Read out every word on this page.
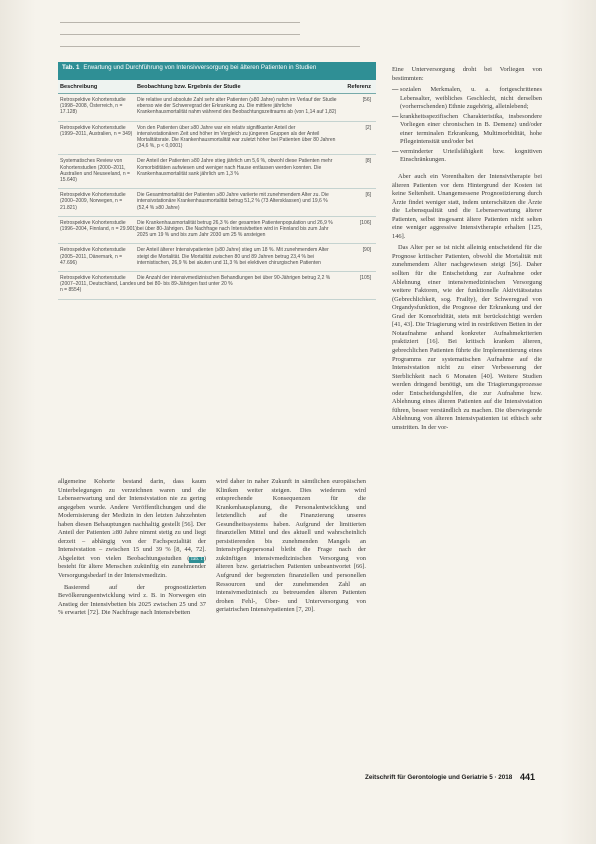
Tab. 1 Erwartung und Durchführung von Intensivversorgung bei älteren Patienten in Studien
Beschreibung	Beobachtung bzw. Ergebnis der Studie	Referenz
Retrospektive Kohortenstudie (1998–2008, Österreich, n = 17.128)
Die relative und absolute Zahl sehr alter Patienten (≥80 Jahre) nahm im Verlauf der Studie ebenso wie der Schweregrad der Erkrankung zu. Die mittlere jährliche Krankenhausmortalität nahm während des Beobachtungszeitraums ab (von 1,14 auf 1,82)
[56]
Retrospektive Kohortenstudie (1999–2011, Australien, n = 349)
Von den Patienten über ≥80 Jahre war ein relativ signifikanter Anteil der intensivstationären Zeit und höher im Vergleich zu jüngeren Gruppen als der Anteil Mortalitätsrate. Die Krankenhausmortalität war zuletzt höher bei Patienten über 80 Jahren (34,6 %, p < 0,0001)
[2]
Systematisches Review von Kohortenstudien (2000–2011, Australien und Neuseeland, n = 15.640)
Der Anteil der Patienten ≥80 Jahre stieg jährlich um 5,6 %, obwohl diese Patienten mehr Komorbiditäten aufwiesen und weniger nach Hause entlassen werden konnten. Die Krankenhausmortalität sank jährlich um 1,3 %
[8]
Retrospektive Kohortenstudie (2000–2009, Norwegen, n = 21.821)
Die Gesamtmortalität der Patienten ≥80 Jahre variierte mit zunehmendem Alter zu. Die intensivstationäre Krankenhausmortalität betrug 51,2 % (73 Altersklassen) und 19,6 % (52,4 % ≥80 Jahre)
[6]
Retrospektive Kohortenstudie (1996–2004, Finnland, n = 29.901)
Die Krankenhausmortalität betrug 26,3 % der gesamten Patientenpopulation und 26,9 % bei über 80-Jährigen. Die Nachfrage nach Intensivbetten wird in Finnland bis zum Jahr 2025 um 19 % und bis zum Jahr 2030 um 25 % ansteigen
[106]
Retrospektive Kohortenstudie (2005–2011, Dänemark, n = 47.696)
Der Anteil älterer Intensivpatienten (≥80 Jahre) stieg um 18 %. Mit zunehmendem Alter steigt die Mortalität. Die Mortalität zwischen 80 und 89 Jahren betrug 23,4 % bei internistischen, 26,9 % bei akuten und 11,3 % bei elektiven chirurgischen Patienten
[90]
Retrospektive Kohortenstudie (2007–2011, Deutschland, Landes n = 8554)
Die Anzahl der intensivmedizinischen Behandlungen bei über 90-Jährigen betrug 2,2 % und bei 80- bis 89-Jährigen fast unter 20 %
[105]

allgemeine Kohorte bestand darin, dass kaum Unterbelegungen zu verzeichnen waren und die Lebenserwartung und der Intensivstation nie zu gering angegeben wurde. Andere Veröffentlichungen und die Modernisierung der Medizin in den letzten Jahrzehnten haben diesen Behauptungen nachhaltig gestellt [56]. Der Anteil der Patienten ≥80 Jahre nimmt stetig zu und liegt derzeit – abhängig von der Fachspezialität der Intensivstation – zwischen 15 und 39 % [8, 44, 72]. Abgeleitet von vielen Beobachtungsstudien (Tab. 1) besteht für ältere Menschen zukünftig ein zunehmender Versorgungsbedarf in der Intensivmedizin.

Basierend auf der prognostizierten Bevölkerungsentwicklung wird z. B. in Norwegen ein Anstieg der Intensivbetten bis 2025 zwischen 25 und 37 % erwartet [72]. Die Nachfrage nach Intensivbetten

wird daher in naher Zukunft in sämtlichen europäischen Kliniken weiter steigen. Dies wiederum wird entsprechende Konsequenzen für die Krankenhausplanung, die Personalentwicklung und letztendlich auf die Finanzierung unseres Gesundheitssystems haben. Aufgrund der limitierten finanziellen Mittel und des aktuell und wahrscheinlich persistierenden bis zunehmenden Mangels an Intensivpflegepersonal bleibt die Frage nach der zukünftigen intensivmedizinischen Versorgung von älteren bzw. geriatrischen Patienten unbeantwortet [66]. Aufgrund der begrenzten finanziellen und personellen Ressourcen und der zunehmenden Zahl an intensivmedizinisch zu betreuenden älteren Patienten drohen Fehl-, Über- und Unterversorgung von geriatrischen Intensivpatienten [7, 20].

Eine Unterversorgung droht bei Vorliegen von bestimmten:

— sozialen Merkmalen, u. a. fortgeschrittenes Lebensalter, weibliches Geschlecht, nicht derselben (vorherrschenden) Ethnie zugehörig, alleinlebend;
— krankheitsspezifischen Charakteristika, insbesondere Vorliegen einer chronischen in B. Demenz) und/oder einer terminalen Erkrankung, Multimorbidität, hohe Pflegeintensität und/oder bei
— verminderter Urteilsfähigkeit bzw. kognitiven Einschränkungen.

Aber auch ein Vorenthalten der Intensivtherapie bei älteren Patienten vor dem Hintergrund der Kosten ist keine Seltenheit. Unangemessene Prognostizierung durch Ärzte findet weniger statt, indem unterschätzen die Ärzte die Lebensqualität und die Lebenserwartung älterer Patienten, selbst insgesamt ältere Patienten nicht selten eine weniger aggressive Intensivtherapie erhalten [125, 146].

Das Alter per se ist nicht alleinig entscheidend für die Prognose kritischer Patienten, obwohl die Mortalität mit zunehmendem Alter nachgewiesen steigt [56]. Daher sollten für die Entscheidung zur Aufnahme oder Ablehnung einer intensivmedizinischen Versorgung weitere Faktoren, wie der funktionelle Aktivitätsstatus (Gebrechlichkeit, sog. Frailty), der Schweregrad von Organdysfunktion, die Prognose der Erkrankung und der Grad der Komorbidität, stets mit berücksichtigt werden [41, 43]. Die Triagierung wird in restriktiven Betten in der Notaufnahme anhand konkreter Aufnahmekriterien praktiziert [16]. Bei kritisch kranken älteren, gebrechlichen Patienten führte die Implementierung eines Programms zur systematischen Aufnahme auf die Intensivstation nicht zu einer Verbesserung der Sterblichkeit nach 6 Monaten [40]. Weitere Studien werden dringend benötigt, um die Triagierungsprozesse oder Entscheidungshilfen, die zur Aufnahme bzw. Ablehnung eines älteren Patienten auf die Intensivstation führen, besser verständlich zu machen. Die überwiegende Ablehnung von älteren Intensivpatienten ist ethisch sehr umstritten. In der vor-

Zeitschrift für Gerontologie und Geriatrie 5 · 2018 441
